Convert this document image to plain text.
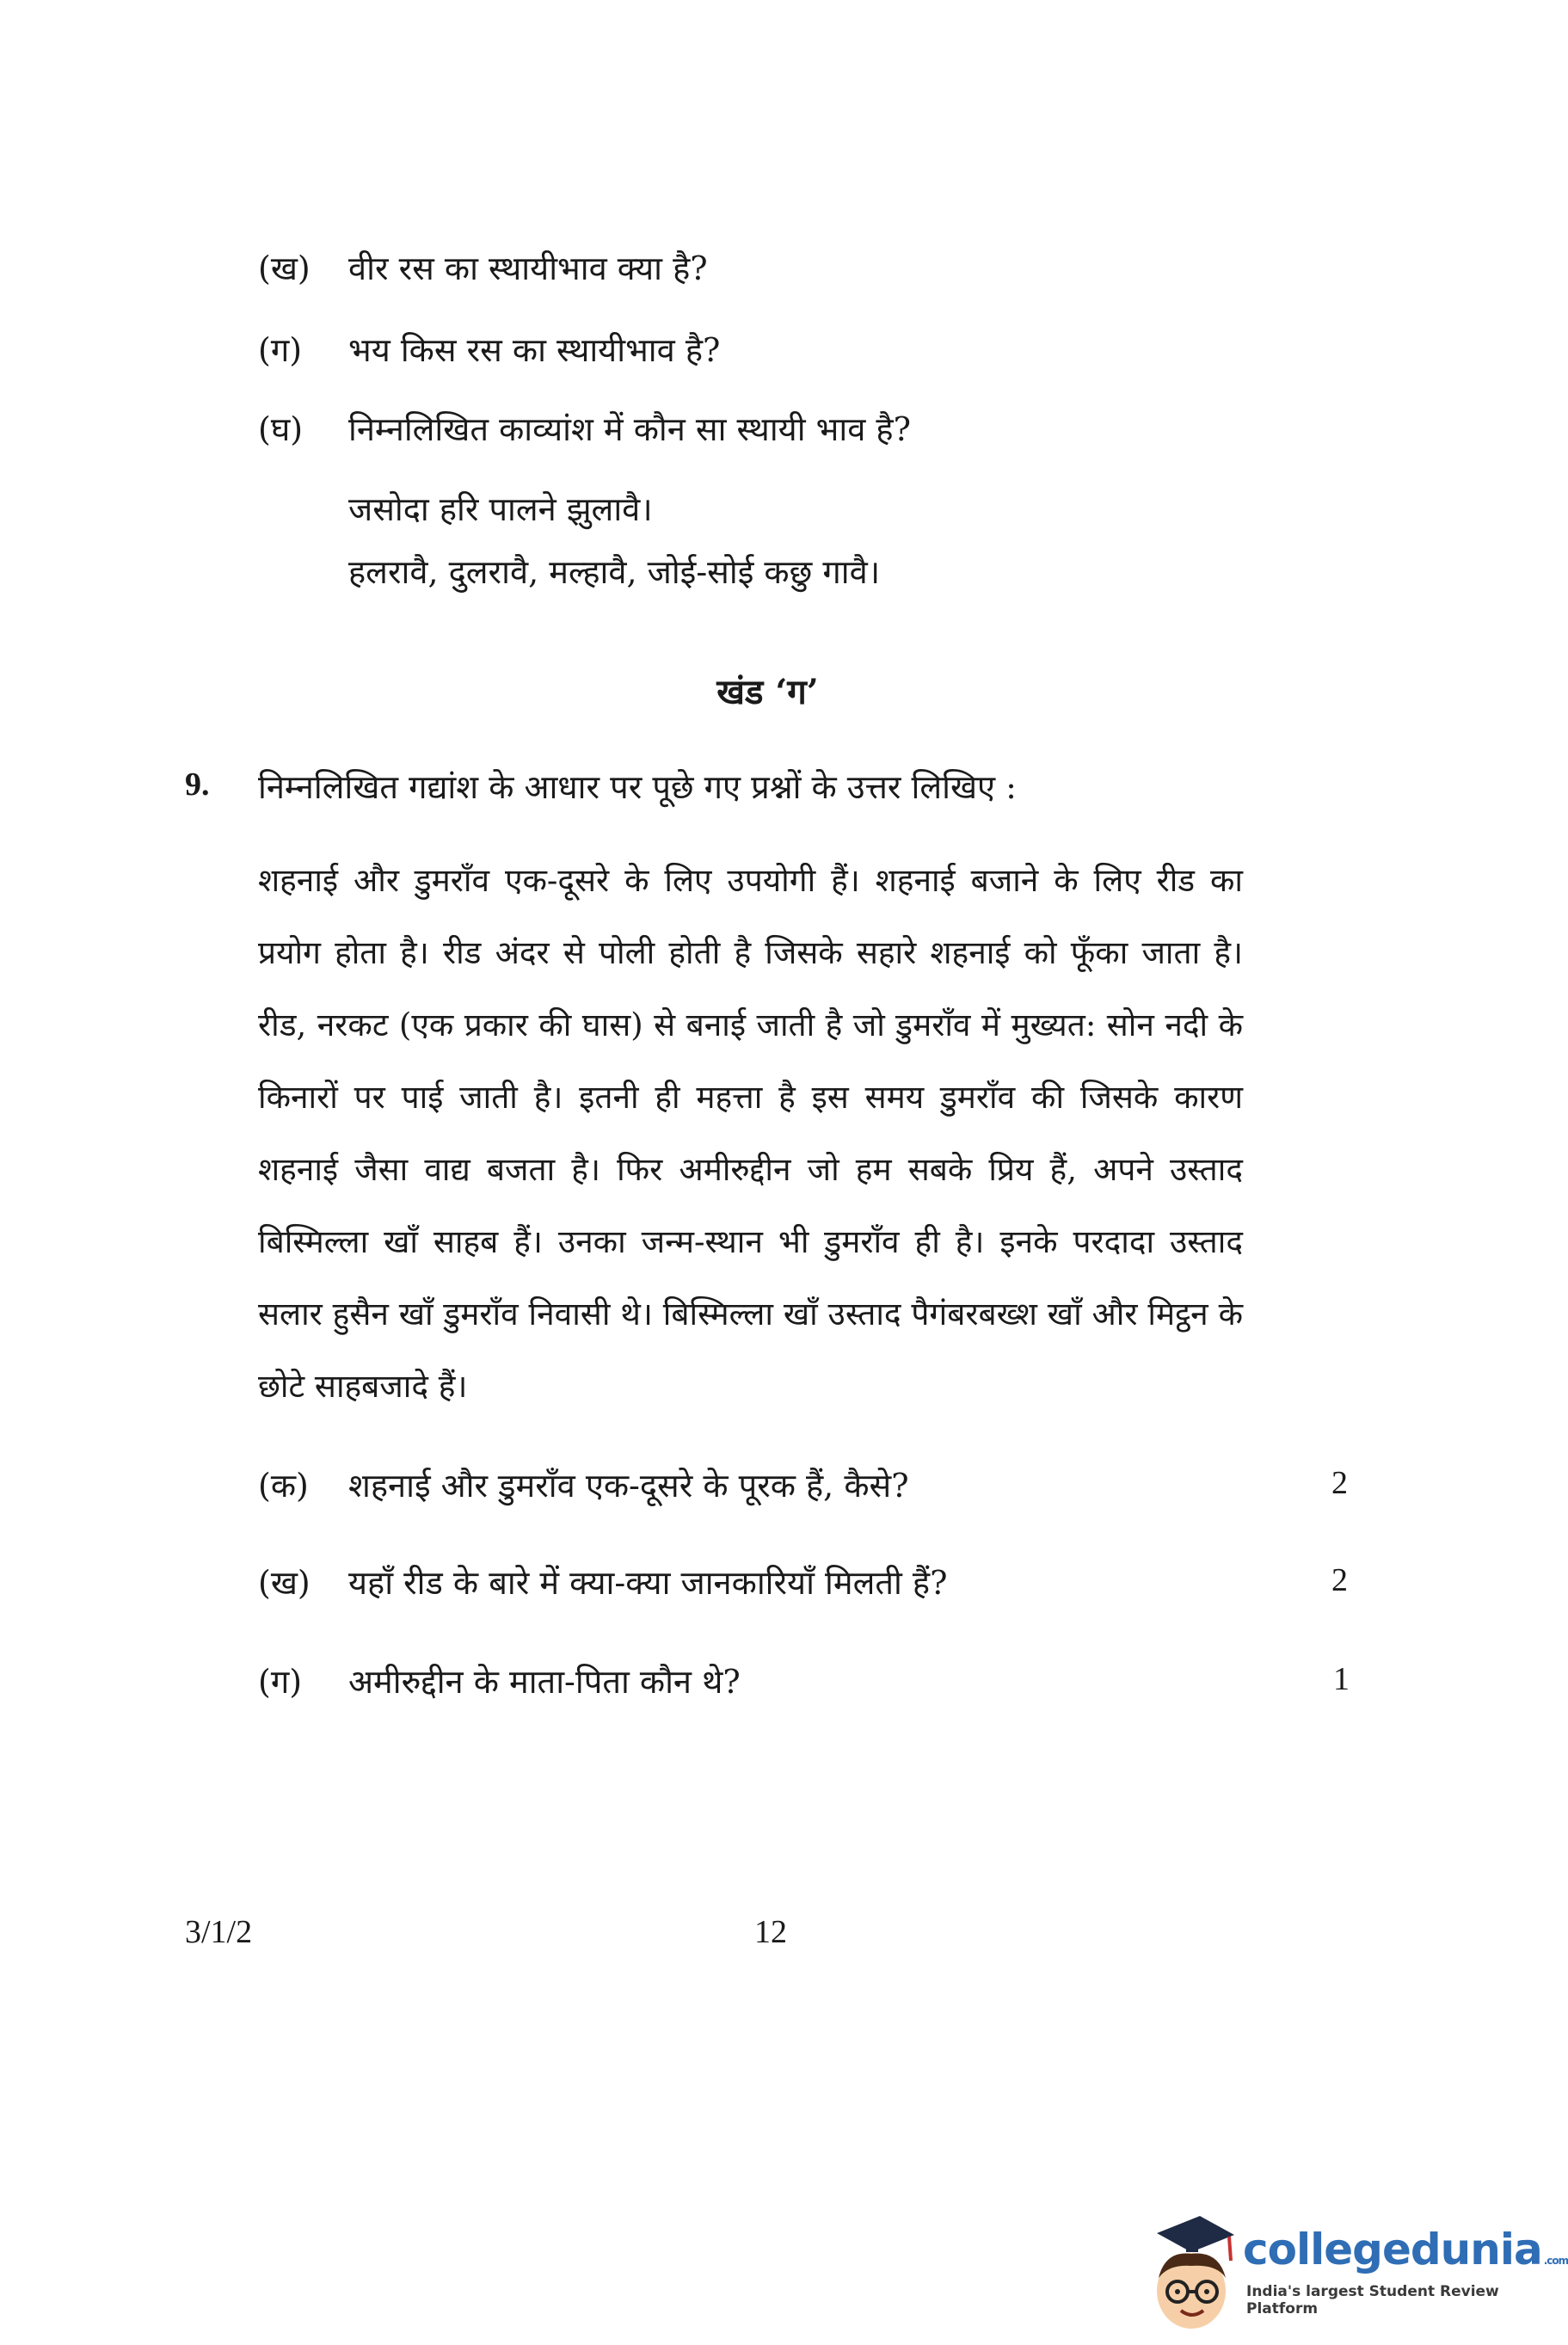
(ख) वीर रस का स्थायीभाव क्या है?
(ग) भय किस रस का स्थायीभाव है?
(घ) निम्नलिखित काव्यांश में कौन सा स्थायी भाव है?
जसोदा हरि पालने झुलावै।
हलरावै, दुलरावै, मल्हावै, जोई-सोई कछु गावै।
खंड ‘ग’
9. निम्नलिखित गद्यांश के आधार पर पूछे गए प्रश्नों के उत्तर लिखिए :
शहनाई और डुमराँव एक-दूसरे के लिए उपयोगी हैं। शहनाई बजाने के लिए रीड का प्रयोग होता है। रीड अंदर से पोली होती है जिसके सहारे शहनाई को फूँका जाता है। रीड, नरकट (एक प्रकार की घास) से बनाई जाती है जो डुमराँव में मुख्यत: सोन नदी के किनारों पर पाई जाती है। इतनी ही महत्ता है इस समय डुमराँव की जिसके कारण शहनाई जैसा वाद्य बजता है। फिर अमीरुद्दीन जो हम सबके प्रिय हैं, अपने उस्ताद बिस्मिल्ला खाँ साहब हैं। उनका जन्म-स्थान भी डुमराँव ही है। इनके परदादा उस्ताद सलार हुसैन खाँ डुमराँव निवासी थे। बिस्मिल्ला खाँ उस्ताद पैगंबरबख्श खाँ और मिट्ठन के छोटे साहबजादे हैं।
(क) शहनाई और डुमराँव एक-दूसरे के पूरक हैं, कैसे?	2
(ख) यहाँ रीड के बारे में क्या-क्या जानकारियाँ मिलती हैं?	2
(ग) अमीरुद्दीन के माता-पिता कौन थे?	1
3/1/2	12
collegedunia .com
India's largest Student Review Platform
